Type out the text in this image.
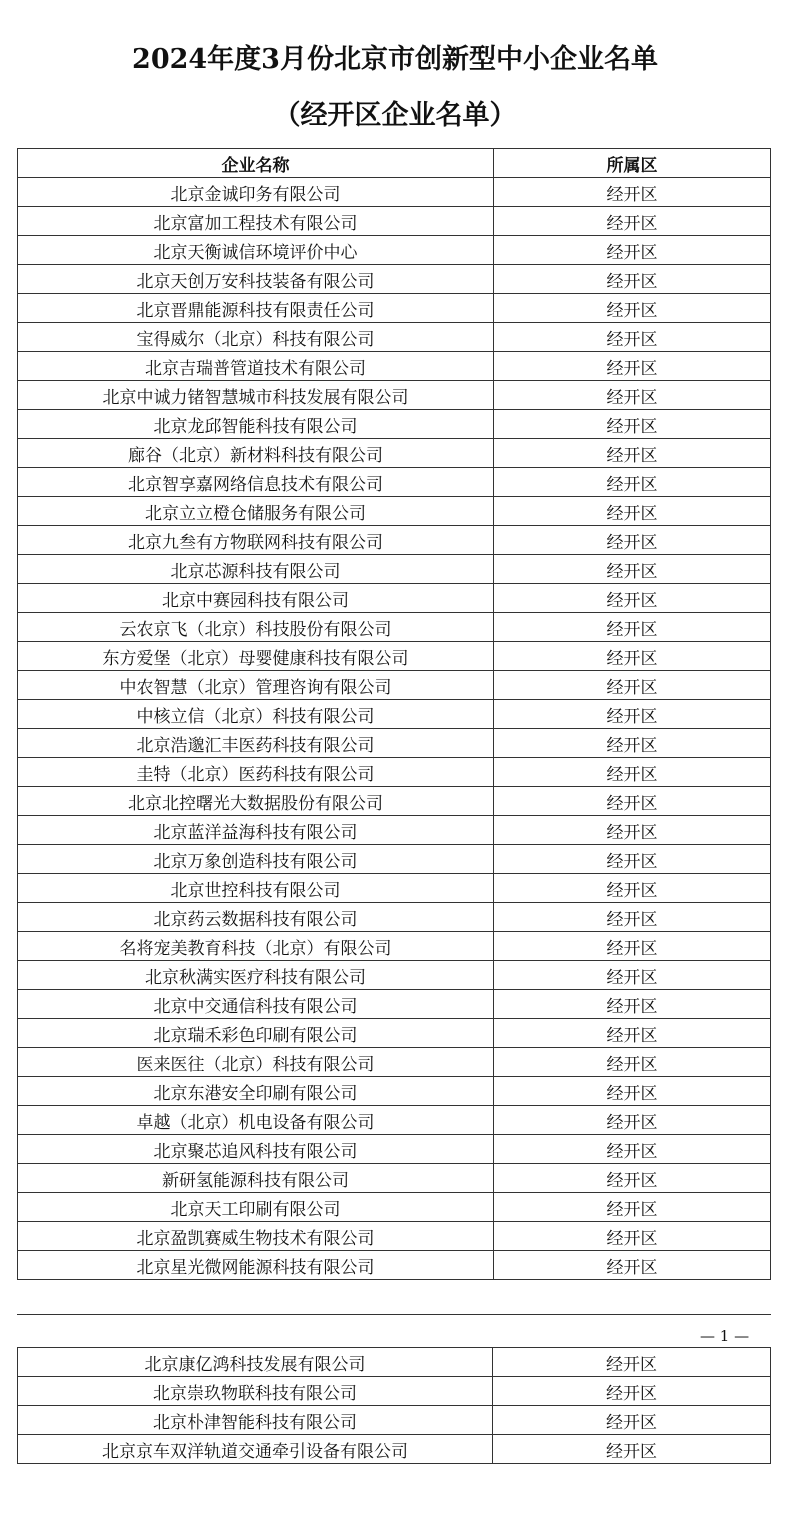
2024年度3月份北京市创新型中小企业名单
（经开区企业名单）
企业名称	所属区
北京金诚印务有限公司	经开区
北京富加工程技术有限公司	经开区
北京天衡诚信环境评价中心	经开区
北京天创万安科技装备有限公司	经开区
北京晋鼎能源科技有限责任公司	经开区
宝得威尔（北京）科技有限公司	经开区
北京吉瑞普管道技术有限公司	经开区
北京中诚力锗智慧城市科技发展有限公司	经开区
北京龙邱智能科技有限公司	经开区
廊谷（北京）新材料科技有限公司	经开区
北京智享嘉网络信息技术有限公司	经开区
北京立立橙仓储服务有限公司	经开区
北京九叁有方物联网科技有限公司	经开区
北京芯源科技有限公司	经开区
北京中赛园科技有限公司	经开区
云农京飞（北京）科技股份有限公司	经开区
东方爱堡（北京）母婴健康科技有限公司	经开区
中农智慧（北京）管理咨询有限公司	经开区
中核立信（北京）科技有限公司	经开区
北京浩邈汇丰医药科技有限公司	经开区
圭特（北京）医药科技有限公司	经开区
北京北控曙光大数据股份有限公司	经开区
北京蓝洋益海科技有限公司	经开区
北京万象创造科技有限公司	经开区
北京世控科技有限公司	经开区
北京药云数据科技有限公司	经开区
名将宠美教育科技（北京）有限公司	经开区
北京秋满实医疗科技有限公司	经开区
北京中交通信科技有限公司	经开区
北京瑞禾彩色印刷有限公司	经开区
医来医往（北京）科技有限公司	经开区
北京东港安全印刷有限公司	经开区
卓越（北京）机电设备有限公司	经开区
北京聚芯追风科技有限公司	经开区
新研氢能源科技有限公司	经开区
北京天工印刷有限公司	经开区
北京盈凯赛威生物技术有限公司	经开区
北京星光微网能源科技有限公司	经开区
— 1 —
北京康亿鸿科技发展有限公司	经开区
北京崇玖物联科技有限公司	经开区
北京朴津智能科技有限公司	经开区
北京京车双洋轨道交通牵引设备有限公司	经开区
